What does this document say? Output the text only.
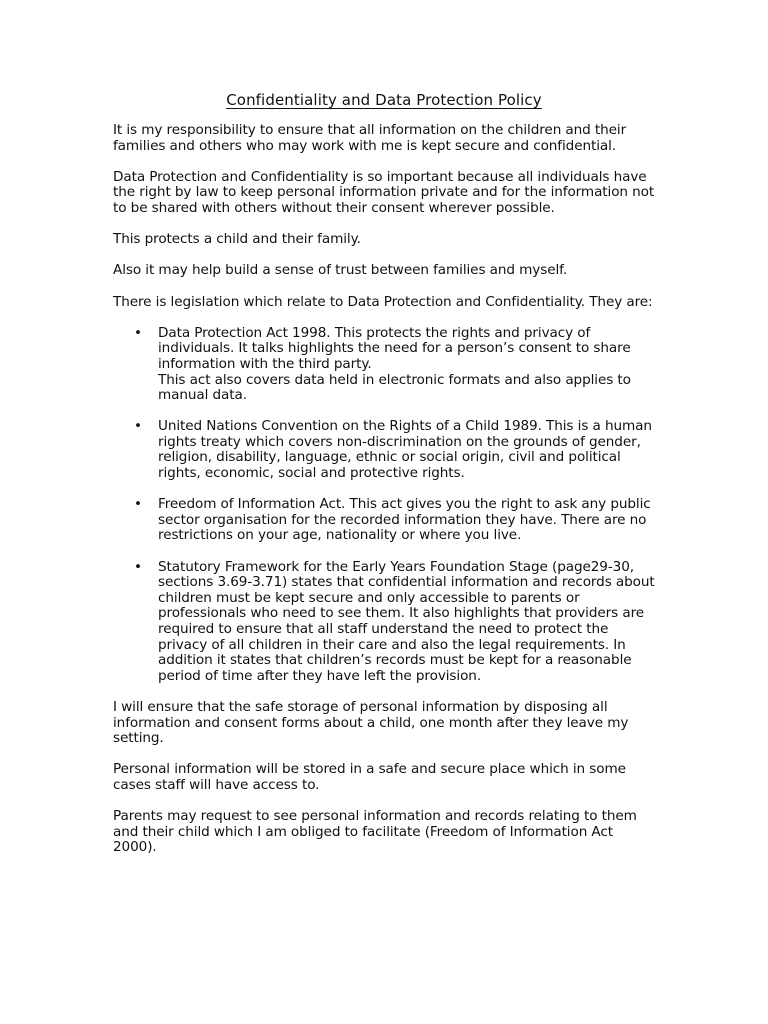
Confidentiality and Data Protection Policy

It is my responsibility to ensure that all information on the children and their families and others who may work with me is kept secure and confidential.

Data Protection and Confidentiality is so important because all individuals have the right by law to keep personal information private and for the information not to be shared with others without their consent wherever possible.

This protects a child and their family.

Also it may help build a sense of trust between families and myself.

There is legislation which relate to Data Protection and Confidentiality. They are:

• Data Protection Act 1998. This protects the rights and privacy of individuals. It talks highlights the need for a person’s consent to share information with the third party.
This act also covers data held in electronic formats and also applies to manual data.
• United Nations Convention on the Rights of a Child 1989. This is a human rights treaty which covers non-discrimination on the grounds of gender, religion, disability, language, ethnic or social origin, civil and political rights, economic, social and protective rights.
• Freedom of Information Act. This act gives you the right to ask any public sector organisation for the recorded information they have. There are no restrictions on your age, nationality or where you live.
• Statutory Framework for the Early Years Foundation Stage (page29-30, sections 3.69-3.71) states that confidential information and records about children must be kept secure and only accessible to parents or professionals who need to see them. It also highlights that providers are required to ensure that all staff understand the need to protect the privacy of all children in their care and also the legal requirements. In addition it states that children’s records must be kept for a reasonable period of time after they have left the provision.

I will ensure that the safe storage of personal information by disposing all information and consent forms about a child, one month after they leave my setting.

Personal information will be stored in a safe and secure place which in some cases staff will have access to.

Parents may request to see personal information and records relating to them and their child which I am obliged to facilitate (Freedom of Information Act 2000).
